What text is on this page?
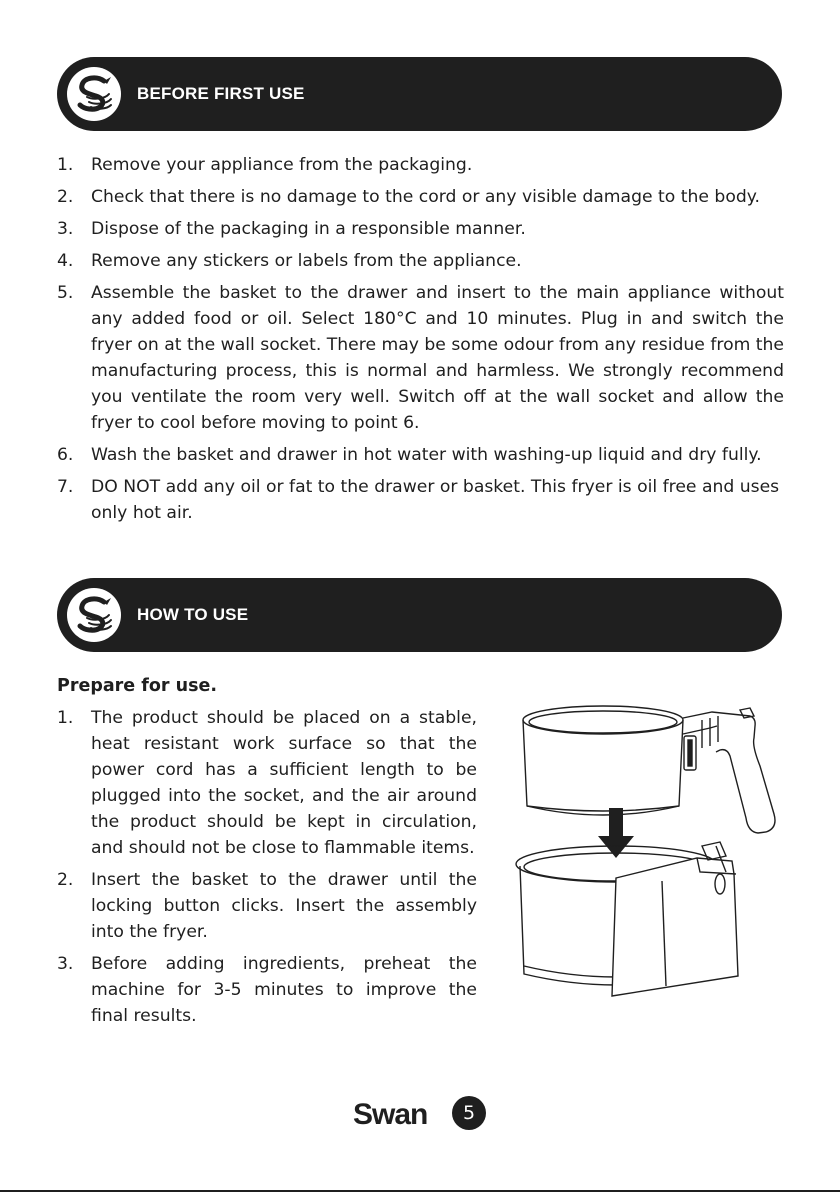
BEFORE FIRST USE
1. Remove your appliance from the packaging.
2. Check that there is no damage to the cord or any visible damage to the body.
3. Dispose of the packaging in a responsible manner.
4. Remove any stickers or labels from the appliance.
5. Assemble the basket to the drawer and insert to the main appliance without any added food or oil. Select 180°C and 10 minutes. Plug in and switch the fryer on at the wall socket. There may be some odour from any residue from the manufacturing process, this is normal and harmless. We strongly recommend you ventilate the room very well. Switch off at the wall socket and allow the fryer to cool before moving to point 6.
6. Wash the basket and drawer in hot water with washing-up liquid and dry fully.
7. DO NOT add any oil or fat to the drawer or basket. This fryer is oil free and uses only hot air.
HOW TO USE
Prepare for use.
1. The product should be placed on a stable, heat resistant work surface so that the power cord has a sufficient length to be plugged into the socket, and the air around the product should be kept in circulation, and should not be close to flammable items.
2. Insert the basket to the drawer until the locking button clicks. Insert the assembly into the fryer.
3. Before adding ingredients, preheat the machine for 3-5 minutes to improve the final results.
Swan	5
